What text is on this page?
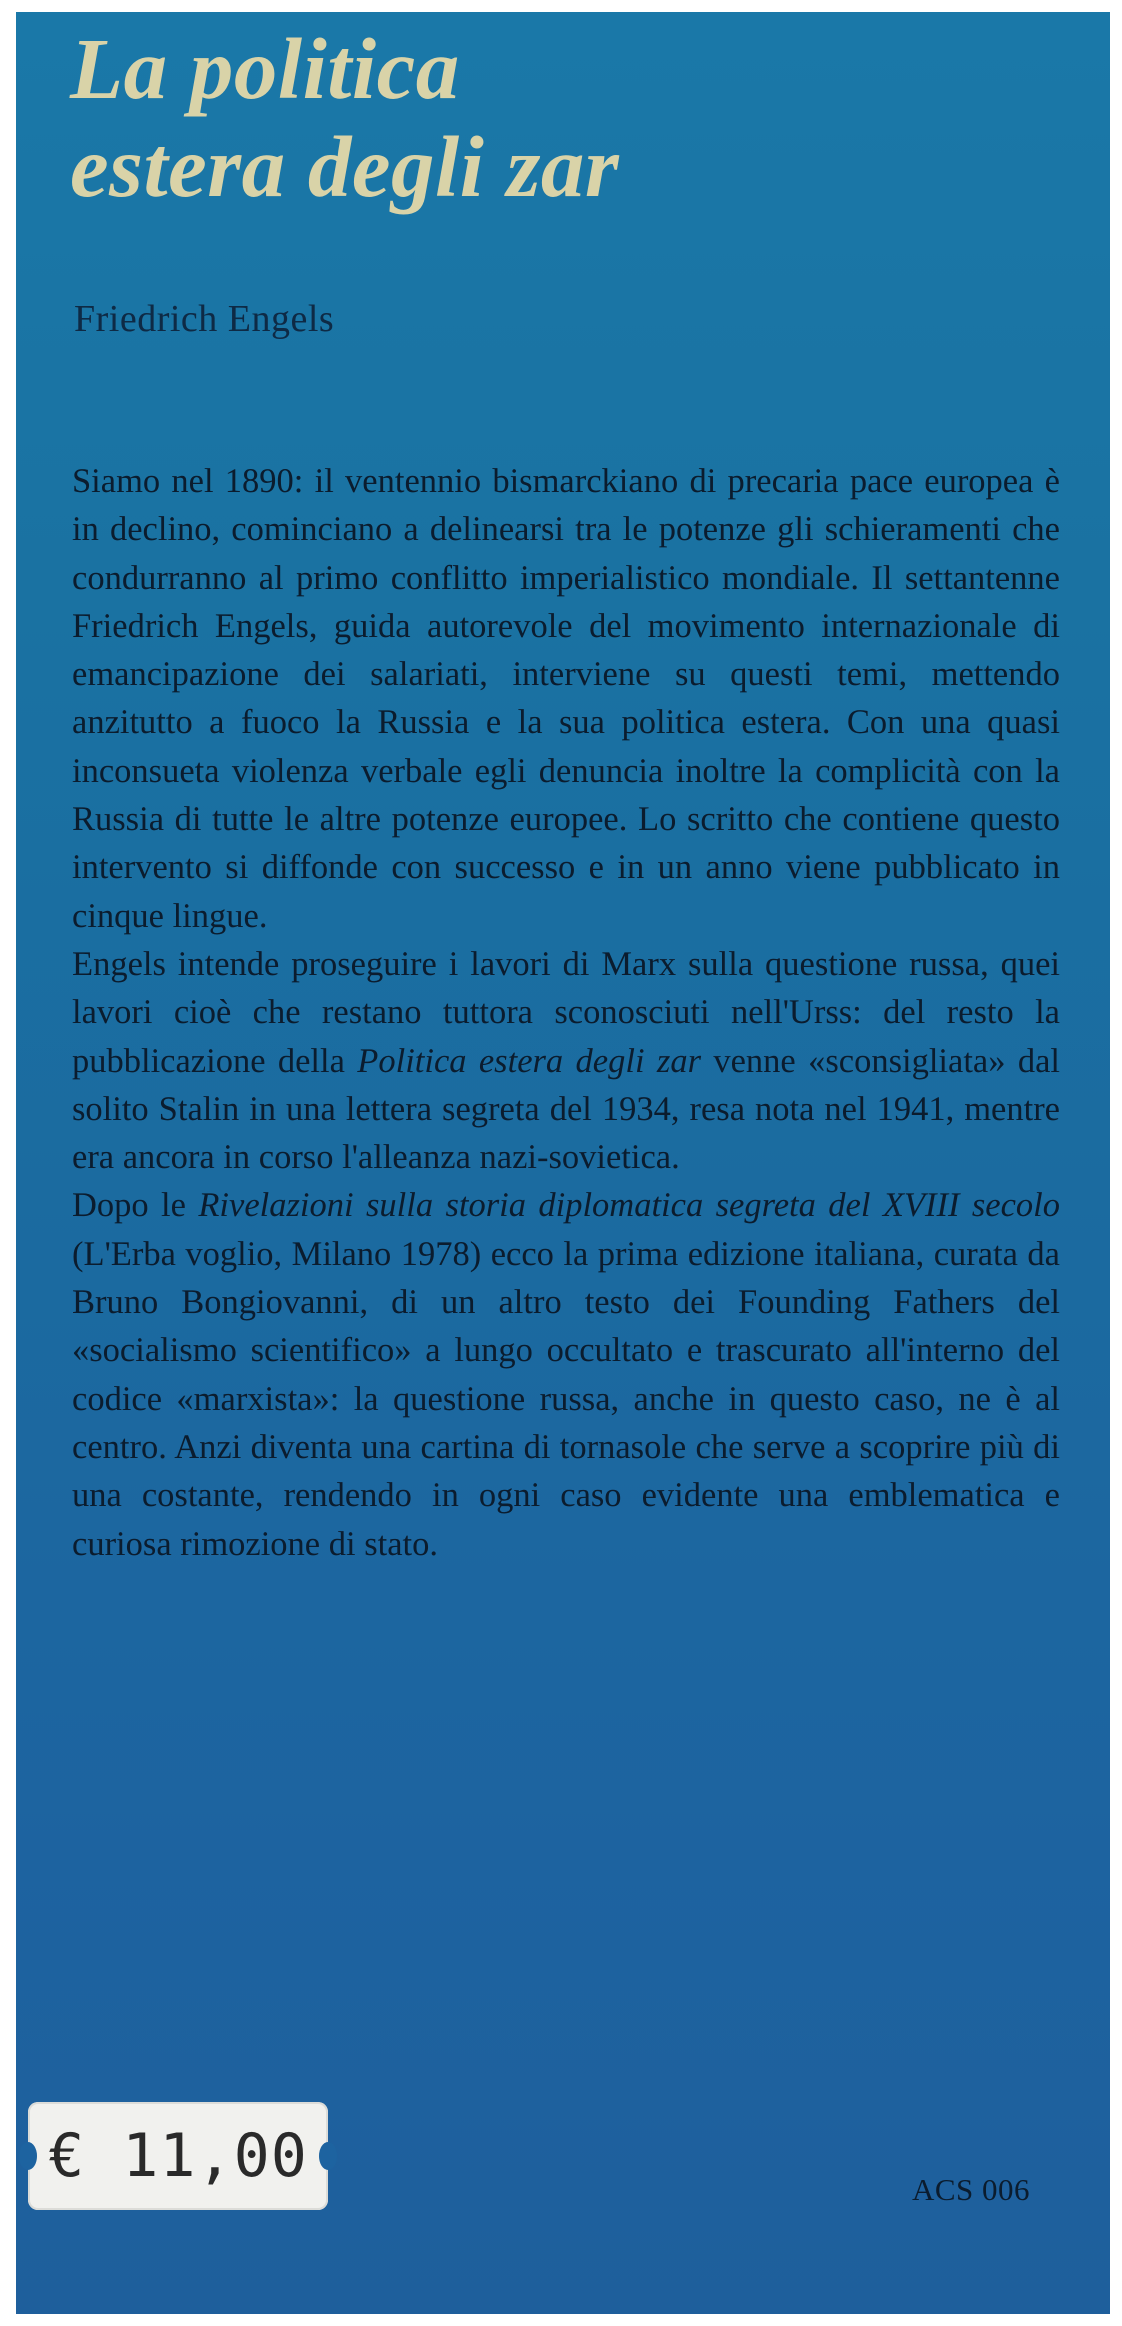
La politica
estera degli zar
Friedrich Engels

Siamo nel 1890: il ventennio bismarckiano di precaria pace europea è in declino, cominciano a delinearsi tra le potenze gli schieramenti che condurranno al primo conflitto imperialistico mondiale. Il settantenne Friedrich Engels, guida autorevole del movimento internazionale di emancipazione dei salariati, interviene su questi temi, mettendo anzitutto a fuoco la Russia e la sua politica estera. Con una quasi inconsueta violenza verbale egli denuncia inoltre la complicità con la Russia di tutte le altre potenze europee. Lo scritto che contiene questo intervento si diffonde con successo e in un anno viene pubblicato in cinque lingue.

Engels intende proseguire i lavori di Marx sulla questione russa, quei lavori cioè che restano tuttora sconosciuti nell'Urss: del resto la pubblicazione della Politica estera degli zar venne «sconsigliata» dal solito Stalin in una lettera segreta del 1934, resa nota nel 1941, mentre era ancora in corso l'alleanza nazi-sovietica.

Dopo le Rivelazioni sulla storia diplomatica segreta del XVIII secolo (L'Erba voglio, Milano 1978) ecco la prima edizione italiana, curata da Bruno Bongiovanni, di un altro testo dei Founding Fathers del «socialismo scientifico» a lungo occultato e trascurato all'interno del codice «marxista»: la questione russa, anche in questo caso, ne è al centro. Anzi diventa una cartina di tornasole che serve a scoprire più di una costante, rendendo in ogni caso evidente una emblematica e curiosa rimozione di stato.

€ 11,00	ACS 006
